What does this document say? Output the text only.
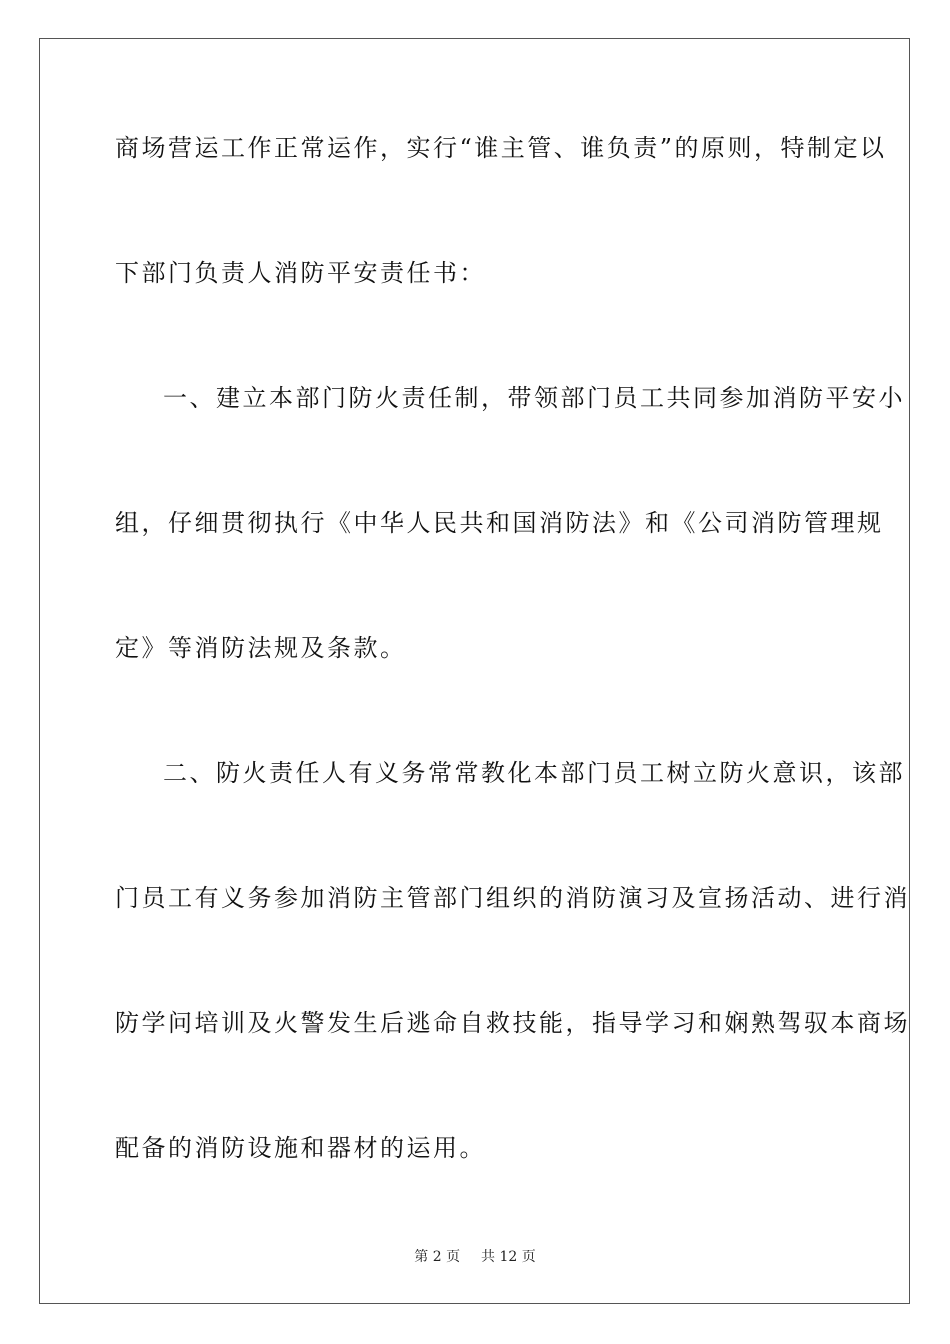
商场营运工作正常运作，实行“谁主管、谁负责”的原则，特制定以
下部门负责人消防平安责任书：
一、建立本部门防火责任制，带领部门员工共同参加消防平安小
组，仔细贯彻执行《中华人民共和国消防法》和《公司消防管理规
定》等消防法规及条款。
二、防火责任人有义务常常教化本部门员工树立防火意识，该部
门员工有义务参加消防主管部门组织的消防演习及宣扬活动、进行消
防学问培训及火警发生后逃命自救技能，指导学习和娴熟驾驭本商场
配备的消防设施和器材的运用。
第 2 页 共 12 页
